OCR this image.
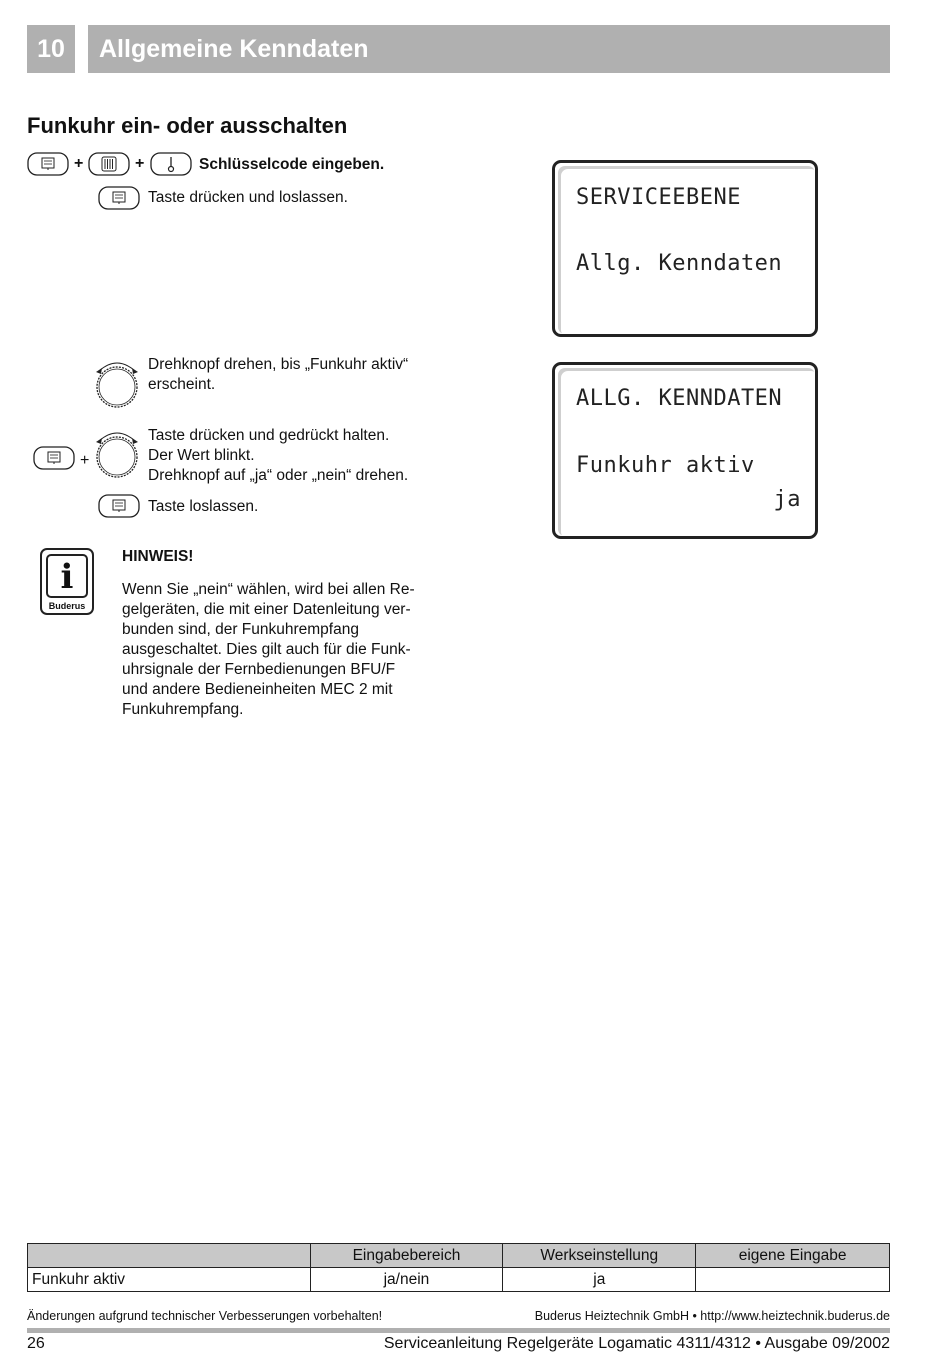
10	Allgemeine Kenndaten
Funkuhr ein- oder ausschalten
+	+	Schlüsselcode eingeben.
Taste drücken und loslassen.
Drehknopf drehen, bis „Funkuhr aktiv“
erscheint.
+
Taste drücken und gedrückt halten.
Der Wert blinkt.
Drehknopf auf „ja“ oder „nein“ drehen.
Taste loslassen.
SERVICEEBENE
Allg. Kenndaten
ALLG. KENNDATEN
Funkuhr aktiv
ja
i
Buderus
HINWEIS!
Wenn Sie „nein“ wählen, wird bei allen Re-
gelgeräten, die mit einer Datenleitung ver-
bunden sind, der Funkuhrempfang
ausgeschaltet. Dies gilt auch für die Funk-
uhrsignale der Fernbedienungen BFU/F
und andere Bedieneinheiten MEC 2 mit
Funkuhrempfang.
	Eingabebereich	Werkseinstellung	eigene Eingabe
Funkuhr aktiv	ja/nein	ja	
Änderungen aufgrund technischer Verbesserungen vorbehalten!	Buderus Heiztechnik GmbH • http://www.heiztechnik.buderus.de
26	Serviceanleitung Regelgeräte Logamatic 4311/4312 • Ausgabe 09/2002
